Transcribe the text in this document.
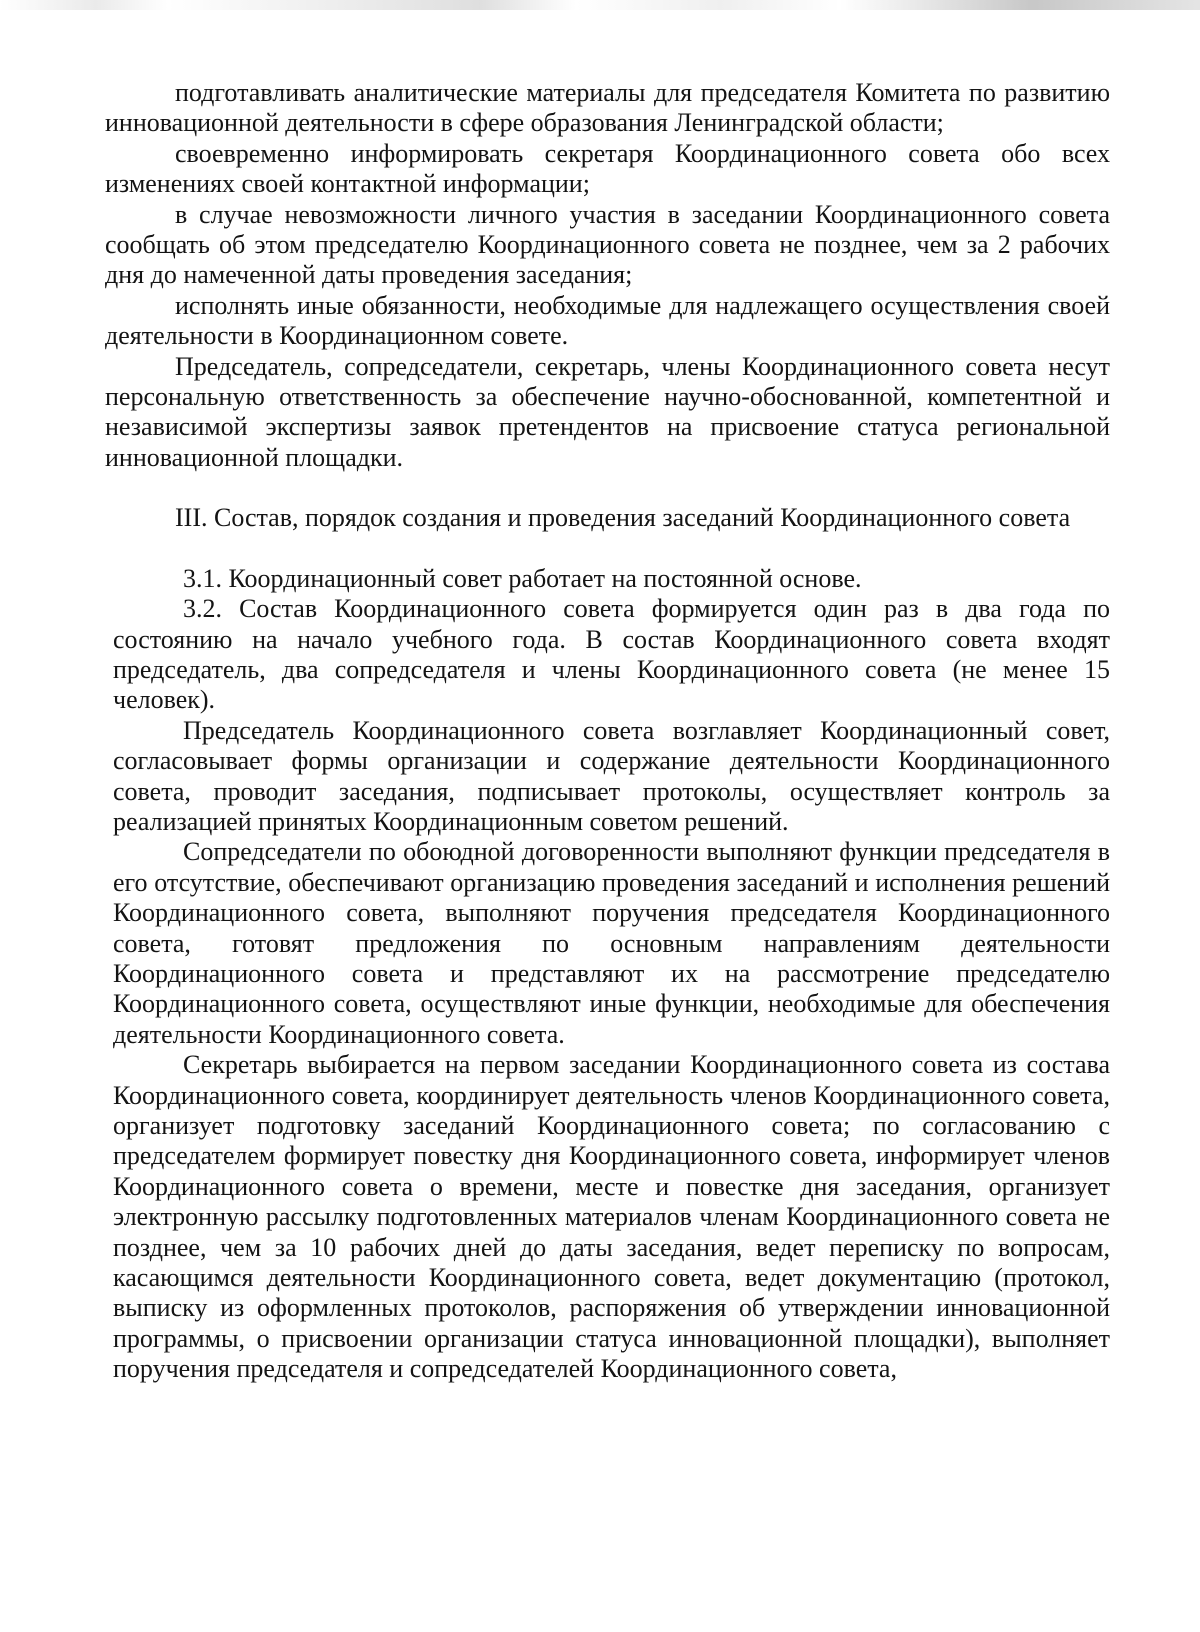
подготавливать аналитические материалы для председателя Комитета по развитию инновационной деятельности в сфере образования Ленинградской области;

своевременно информировать секретаря Координационного совета обо всех изменениях своей контактной информации;

в случае невозможности личного участия в заседании Координационного совета сообщать об этом председателю Координационного совета не позднее, чем за 2 рабочих дня до намеченной даты проведения заседания;

исполнять иные обязанности, необходимые для надлежащего осуществления своей деятельности в Координационном совете.

Председатель, сопредседатели, секретарь, члены Координационного совета несут персональную ответственность за обеспечение научно-обоснованной, компетентной и независимой экспертизы заявок претендентов на присвоение статуса региональной инновационной площадки.

III. Состав, порядок создания и проведения заседаний Координационного совета

3.1. Координационный совет работает на постоянной основе.

3.2. Состав Координационного совета формируется один раз в два года по состоянию на начало учебного года. В состав Координационного совета входят председатель, два сопредседателя и члены Координационного совета (не менее 15 человек).

Председатель Координационного совета возглавляет Координационный совет, согласовывает формы организации и содержание деятельности Координационного совета, проводит заседания, подписывает протоколы, осуществляет контроль за реализацией принятых Координационным советом решений.

Сопредседатели по обоюдной договоренности выполняют функции председателя в его отсутствие, обеспечивают организацию проведения заседаний и исполнения решений Координационного совета, выполняют поручения председателя Координационного совета, готовят предложения по основным направлениям деятельности Координационного совета и представляют их на рассмотрение председателю Координационного совета, осуществляют иные функции, необходимые для обеспечения деятельности Координационного совета.

Секретарь выбирается на первом заседании Координационного совета из состава Координационного совета, координирует деятельность членов Координационного совета, организует подготовку заседаний Координационного совета; по согласованию с председателем формирует повестку дня Координационного совета, информирует членов Координационного совета о времени, месте и повестке дня заседания, организует электронную рассылку подготовленных материалов членам Координационного совета не позднее, чем за 10 рабочих дней до даты заседания, ведет переписку по вопросам, касающимся деятельности Координационного совета, ведет документацию (протокол, выписку из оформленных протоколов, распоряжения об утверждении инновационной программы, о присвоении организации статуса инновационной площадки), выполняет поручения председателя и сопредседателей Координационного совета,
